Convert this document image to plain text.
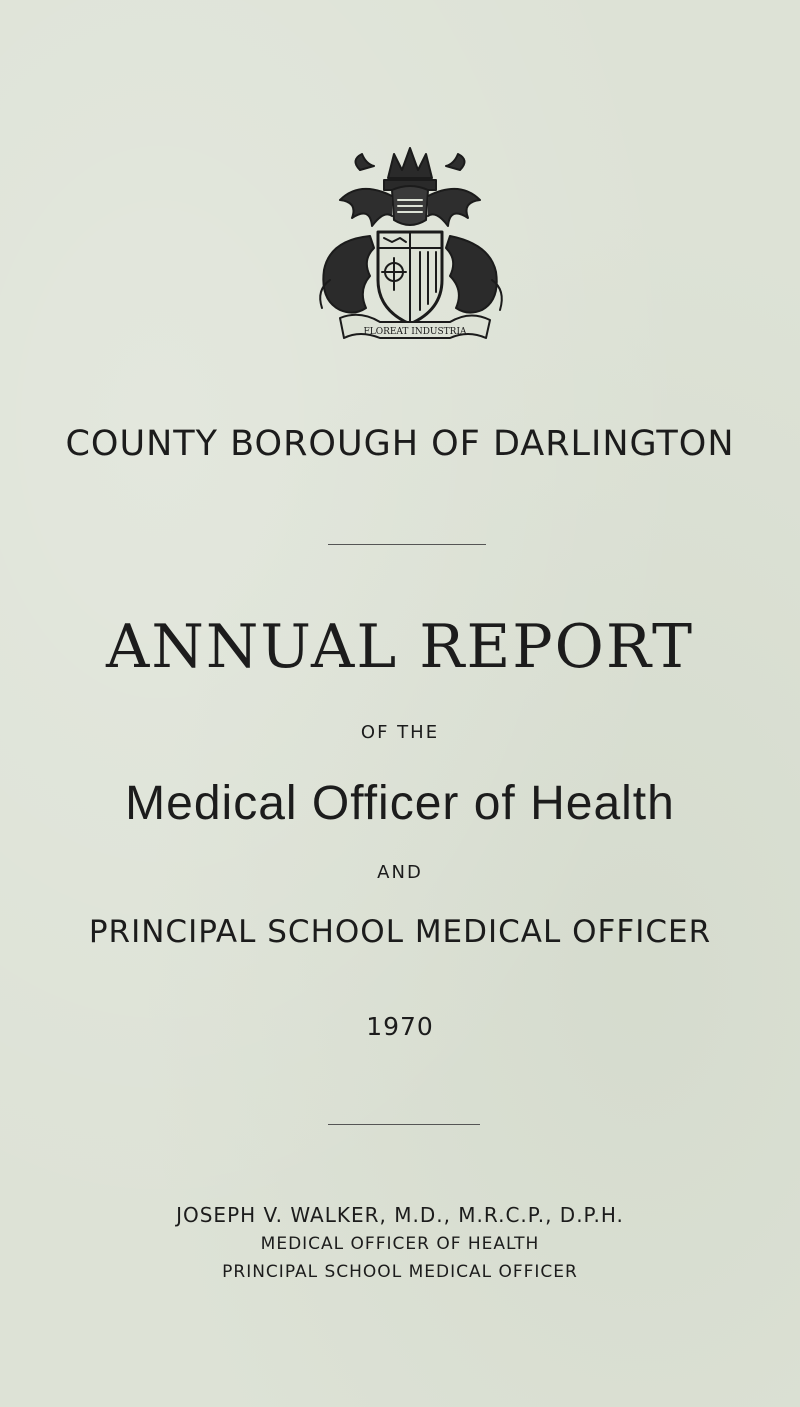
FLOREAT INDUSTRIA
COUNTY BOROUGH OF DARLINGTON
ANNUAL REPORT
OF THE
Medical Officer of Health
AND
PRINCIPAL SCHOOL MEDICAL OFFICER
1970
JOSEPH V. WALKER, M.D., M.R.C.P., D.P.H.
MEDICAL OFFICER OF HEALTH
PRINCIPAL SCHOOL MEDICAL OFFICER
